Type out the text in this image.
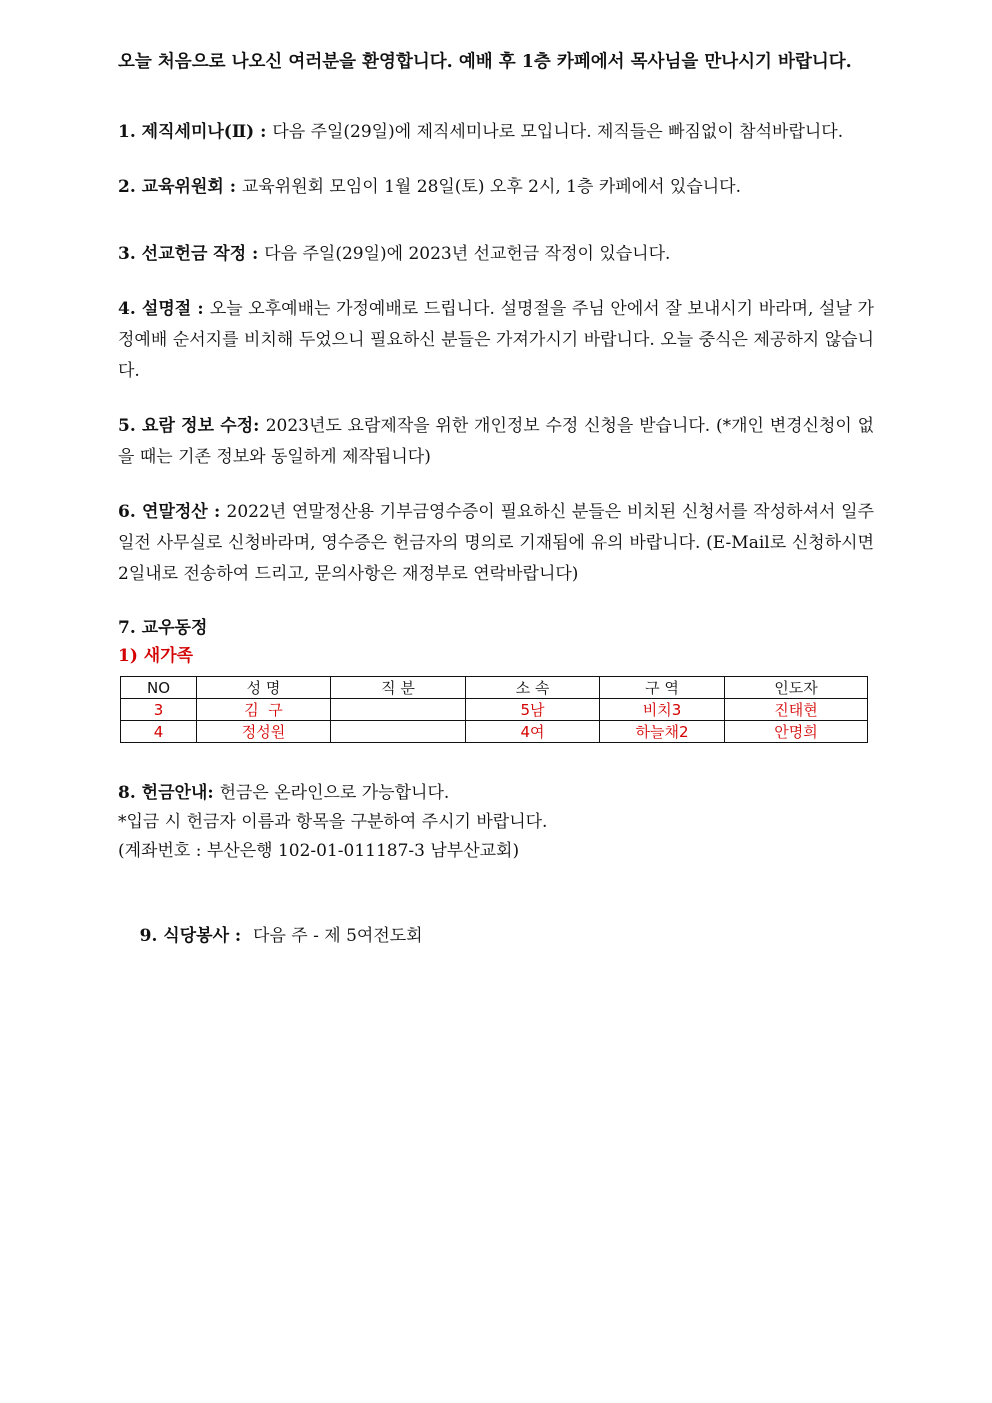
오늘 처음으로 나오신 여러분을 환영합니다. 예배 후 1층 카페에서 목사님을 만나시기 바랍니다.

1. 제직세미나(Ⅱ) : 다음 주일(29일)에 제직세미나로 모입니다. 제직들은 빠짐없이 참석바랍니다.

2. 교육위원회 : 교육위원회 모임이 1월 28일(토) 오후 2시, 1층 카페에서 있습니다.

3. 선교헌금 작정 : 다음 주일(29일)에 2023년 선교헌금 작정이 있습니다.

4. 설명절 : 오늘 오후예배는 가정예배로 드립니다. 설명절을 주님 안에서 잘 보내시기 바라며, 설날 가정예배 순서지를 비치해 두었으니 필요하신 분들은 가져가시기 바랍니다. 오늘 중식은 제공하지 않습니다.

5. 요람 정보 수정: 2023년도 요람제작을 위한 개인정보 수정 신청을 받습니다. (*개인 변경신청이 없을 때는 기존 정보와 동일하게 제작됩니다)

6. 연말정산 : 2022년 연말정산용 기부금영수증이 필요하신 분들은 비치된 신청서를 작성하셔서 일주일전 사무실로 신청바라며, 영수증은 헌금자의 명의로 기재됨에 유의 바랍니다. (E-Mail로 신청하시면 2일내로 전송하여 드리고, 문의사항은 재정부로 연락바랍니다)

7. 교우동정
1) 새가족
NO	성 명	직 분	소 속	구 역	인도자
3	김  구		5남	비치3	진태현
4	정성원		4여	하늘채2	안명희
8. 헌금안내: 헌금은 온라인으로 가능합니다.
*입금 시 헌금자 이름과 항목을 구분하여 주시기 바랍니다.
(계좌번호 : 부산은행 102-01-011187-3 남부산교회)

9. 식당봉사 :  다음 주 - 제 5여전도회
